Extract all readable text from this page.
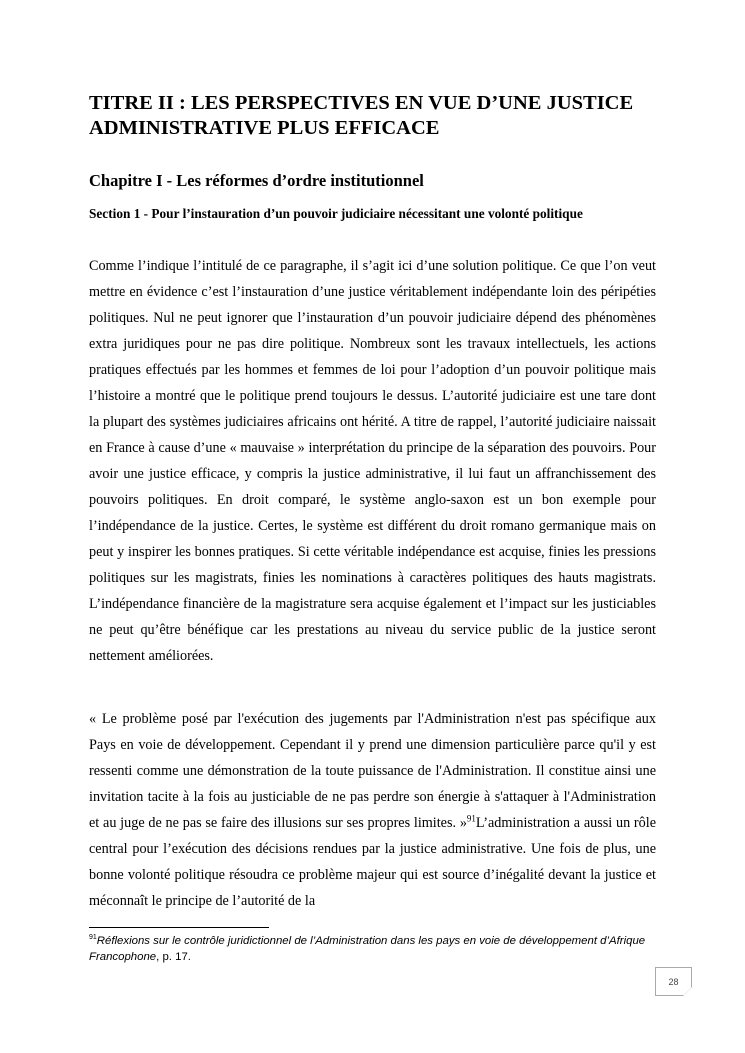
TITRE II : LES PERSPECTIVES EN VUE D’UNE JUSTICE ADMINISTRATIVE PLUS EFFICACE
Chapitre I - Les réformes d’ordre institutionnel
Section 1 - Pour l’instauration d’un pouvoir judiciaire nécessitant une volonté politique

Comme l’indique l’intitulé de ce paragraphe, il s’agit ici d’une solution politique. Ce que l’on veut mettre en évidence c’est l’instauration d’une justice véritablement indépendante loin des péripéties politiques. Nul ne peut ignorer que l’instauration d’un pouvoir judiciaire dépend des phénomènes extra juridiques pour ne pas dire politique. Nombreux sont les travaux intellectuels, les actions pratiques effectués par les hommes et femmes de loi pour l’adoption d’un pouvoir politique mais l’histoire a montré que le politique prend toujours le dessus. L’autorité judiciaire est une tare dont la plupart des systèmes judiciaires africains ont hérité. A titre de rappel, l’autorité judiciaire naissait en France à cause d’une « mauvaise » interprétation du principe de la séparation des pouvoirs. Pour avoir une justice efficace, y compris la justice administrative, il lui faut un affranchissement des pouvoirs politiques. En droit comparé, le système anglo-saxon est un bon exemple pour l’indépendance de la justice. Certes, le système est différent du droit romano germanique mais on peut y inspirer les bonnes pratiques. Si cette véritable indépendance est acquise, finies les pressions politiques sur les magistrats, finies les nominations à caractères politiques des hauts magistrats. L’indépendance financière de la magistrature sera acquise également et l’impact sur les justiciables ne peut qu’être bénéfique car les prestations au niveau du service public de la justice seront nettement améliorées.

« Le problème posé par l'exécution des jugements par l'Administration n'est pas spécifique aux Pays en voie de développement. Cependant il y prend une dimension particulière parce qu'il y est ressenti comme une démonstration de la toute puissance de l'Administration. Il constitue ainsi une invitation tacite à la fois au justiciable de ne pas perdre son énergie à s'attaquer à l'Administration et au juge de ne pas se faire des illusions sur ses propres limites. »$^{91}$L’administration a aussi un rôle central pour l’exécution des décisions rendues par la justice administrative. Une fois de plus, une bonne volonté politique résoudra ce problème majeur qui est source d’inégalité devant la justice et méconnaît le principe de l’autorité de la

$^{91}$Réflexions sur le contrôle juridictionnel de l’Administration dans les pays en voie de développement d’Afrique Francophone, p. 17.

28
